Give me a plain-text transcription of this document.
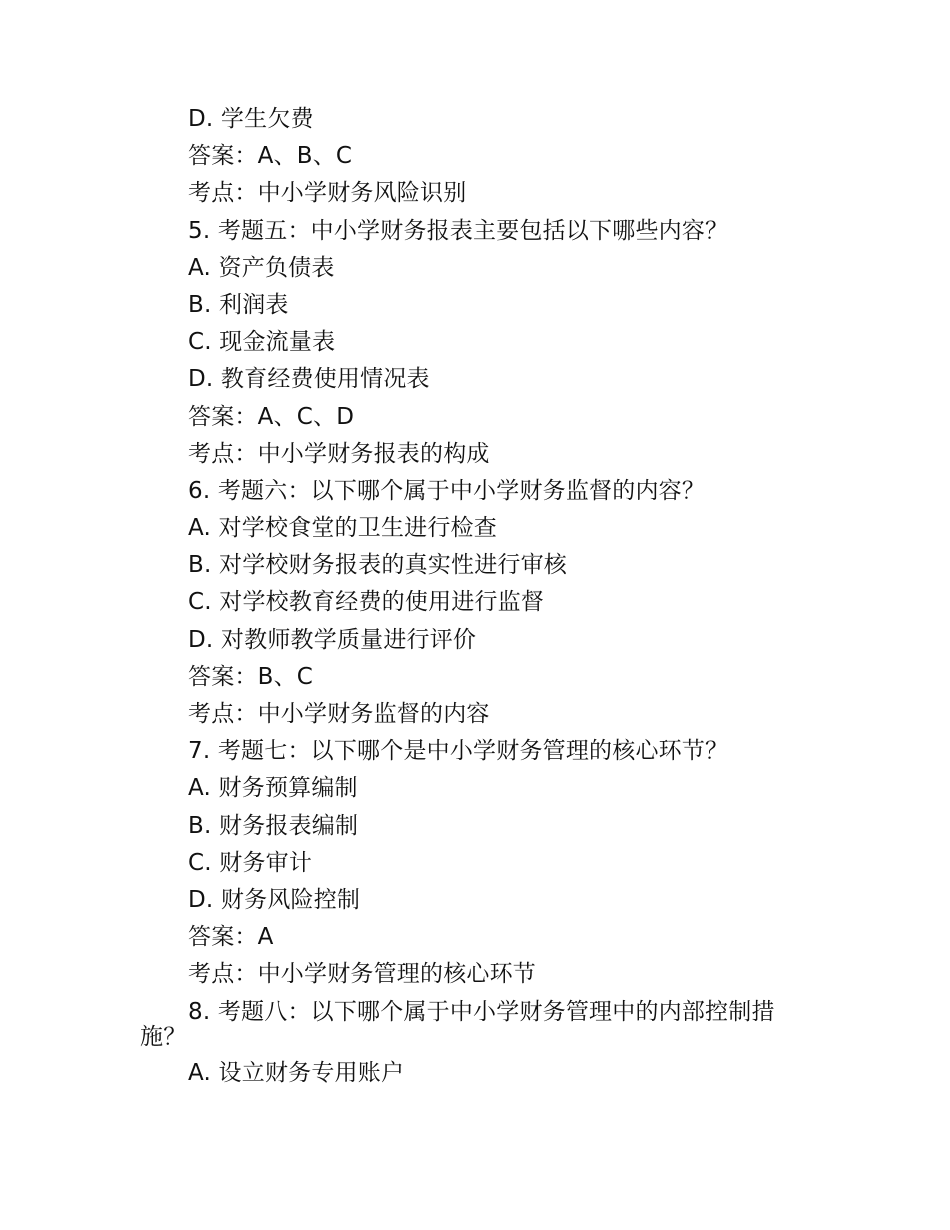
D. 学生欠费
答案：A、B、C
考点：中小学财务风险识别
5. 考题五：中小学财务报表主要包括以下哪些内容？
A. 资产负债表
B. 利润表
C. 现金流量表
D. 教育经费使用情况表
答案：A、C、D
考点：中小学财务报表的构成
6. 考题六：以下哪个属于中小学财务监督的内容？
A. 对学校食堂的卫生进行检查
B. 对学校财务报表的真实性进行审核
C. 对学校教育经费的使用进行监督
D. 对教师教学质量进行评价
答案：B、C
考点：中小学财务监督的内容
7. 考题七：以下哪个是中小学财务管理的核心环节？
A. 财务预算编制
B. 财务报表编制
C. 财务审计
D. 财务风险控制
答案：A
考点：中小学财务管理的核心环节
8. 考题八：以下哪个属于中小学财务管理中的内部控制措施？
A. 设立财务专用账户
